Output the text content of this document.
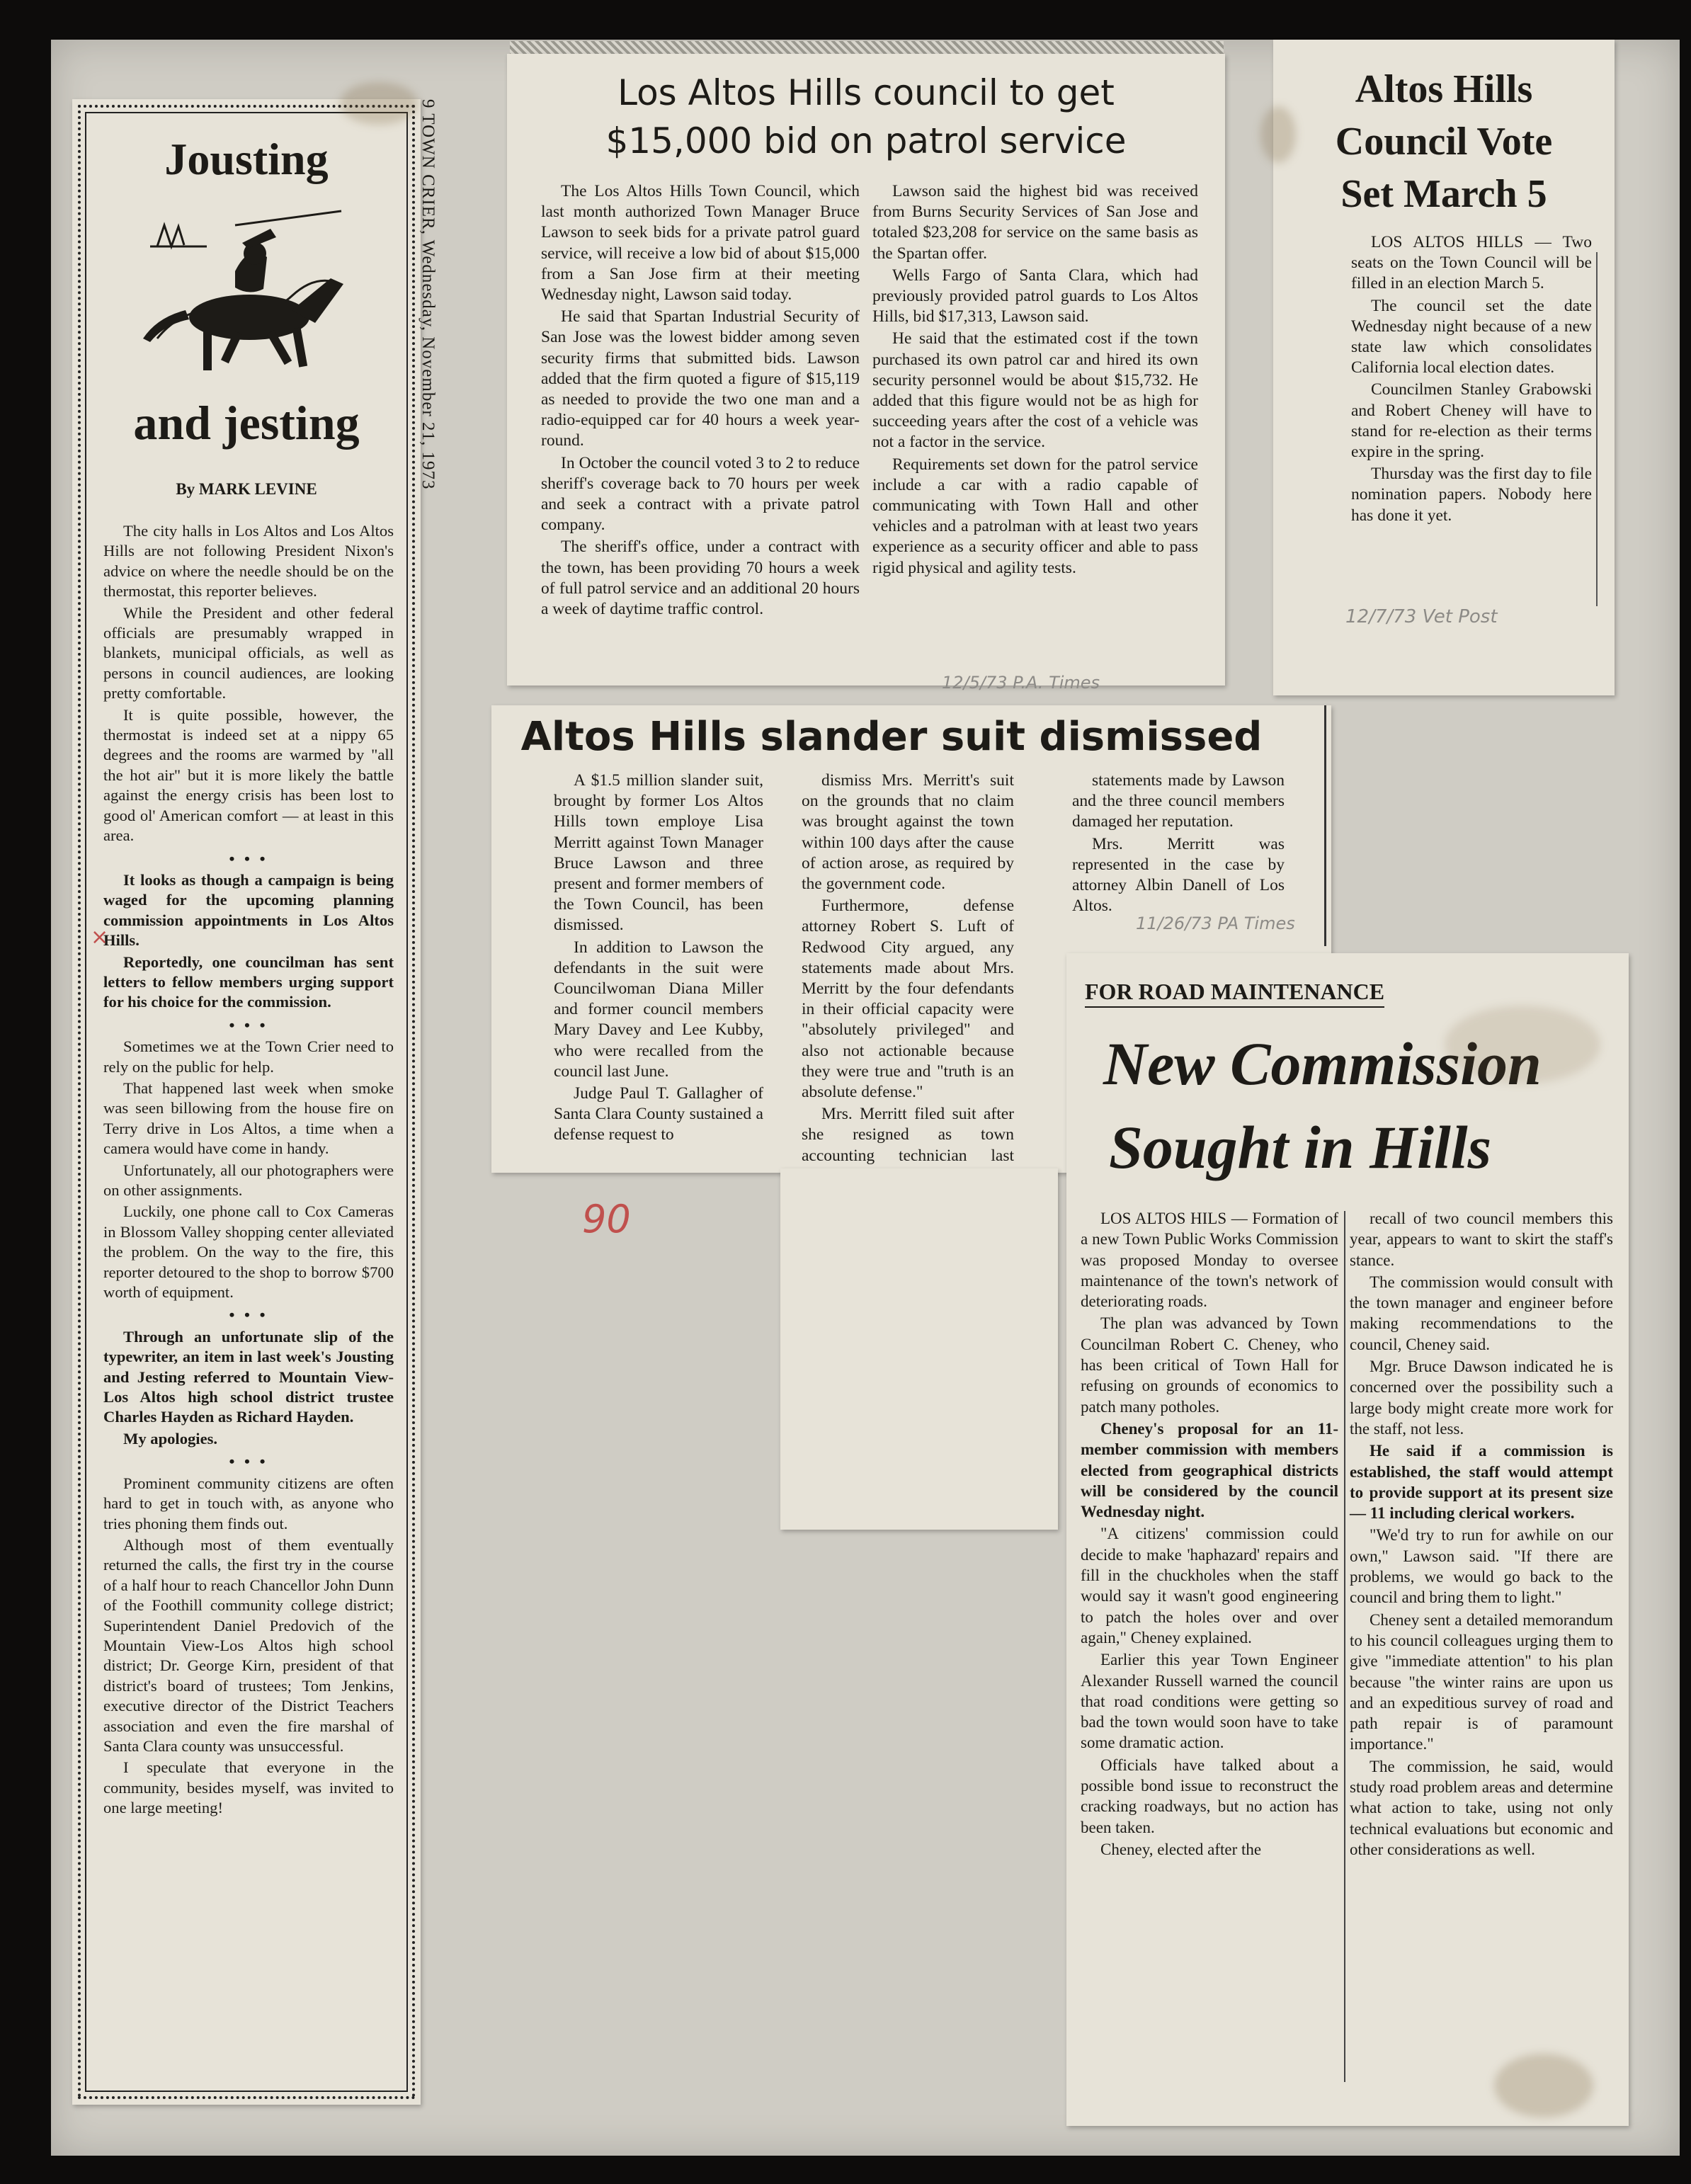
Jousting
and jesting
By MARK LEVINE

The city halls in Los Altos and Los Altos Hills are not following President Nixon's advice on where the needle should be on the thermostat, this reporter believes.

While the President and other federal officials are presumably wrapped in blankets, municipal officials, as well as persons in council audiences, are looking pretty comfortable.

It is quite possible, however, the thermostat is indeed set at a nippy 65 degrees and the rooms are warmed by "all the hot air" but it is more likely the battle against the energy crisis has been lost to good ol' American comfort — at least in this area.

• • •

It looks as though a campaign is being waged for the upcoming planning commission appointments in Los Altos Hills.

Reportedly, one councilman has sent letters to fellow members urging support for his choice for the commission.

• • •

Sometimes we at the Town Crier need to rely on the public for help.

That happened last week when smoke was seen billowing from the house fire on Terry drive in Los Altos, a time when a camera would have come in handy.

Unfortunately, all our photographers were on other assignments.

Luckily, one phone call to Cox Cameras in Blossom Valley shopping center alleviated the problem. On the way to the fire, this reporter detoured to the shop to borrow $700 worth of equipment.

• • •

Through an unfortunate slip of the typewriter, an item in last week's Jousting and Jesting referred to Mountain View-Los Altos high school district trustee Charles Hayden as Richard Hayden.

My apologies.

• • •

Prominent community citizens are often hard to get in touch with, as anyone who tries phoning them finds out.

Although most of them eventually returned the calls, the first try in the course of a half hour to reach Chancellor John Dunn of the Foothill community college district; Superintendent Daniel Predovich of the Mountain View-Los Altos high school district; Dr. George Kirn, president of that district's board of trustees; Tom Jenkins, executive director of the District Teachers association and even the fire marshal of Santa Clara county was unsuccessful.

I speculate that everyone in the community, besides myself, was invited to one large meeting!

9 TOWN CRIER, Wednesday, November 21, 1973
Los Altos Hills council to get
$15,000 bid on patrol service

The Los Altos Hills Town Council, which last month authorized Town Manager Bruce Lawson to seek bids for a private patrol guard service, will receive a low bid of about $15,000 from a San Jose firm at their meeting Wednesday night, Lawson said today.

He said that Spartan Industrial Security of San Jose was the lowest bidder among seven security firms that submitted bids. Lawson added that the firm quoted a figure of $15,119 as needed to provide the two one man and a radio-equipped car for 40 hours a week year-round.

In October the council voted 3 to 2 to reduce sheriff's coverage back to 70 hours per week and seek a contract with a private patrol company.

The sheriff's office, under a contract with the town, has been providing 70 hours a week of full patrol service and an additional 20 hours a week of daytime traffic control.

Lawson said the highest bid was received from Burns Security Services of San Jose and totaled $23,208 for service on the same basis as the Spartan offer.

Wells Fargo of Santa Clara, which had previously provided patrol guards to Los Altos Hills, bid $17,313, Lawson said.

He said that the estimated cost if the town purchased its own patrol car and hired its own security personnel would be about $15,732. He added that this figure would not be as high for succeeding years after the cost of a vehicle was not a factor in the service.

Requirements set down for the patrol service include a car with a radio capable of communicating with Town Hall and other vehicles and a patrolman with at least two years experience as a security officer and able to pass rigid physical and agility tests.

12/5/73 P.A. Times
Altos Hills
Council Vote
Set March 5

LOS ALTOS HILLS — Two seats on the Town Council will be filled in an election March 5.

The council set the date Wednesday night because of a new state law which consolidates California local election dates.

Councilmen Stanley Grabowski and Robert Cheney will have to stand for re-election as their terms expire in the spring.

Thursday was the first day to file nomination papers. Nobody here has done it yet.

12/7/73 Vet Post
Altos Hills slander suit dismissed

A $1.5 million slander suit, brought by former Los Altos Hills town employe Lisa Merritt against Town Manager Bruce Lawson and three present and former members of the Town Council, has been dismissed.

In addition to Lawson the defendants in the suit were Councilwoman Diana Miller and former council members Mary Davey and Lee Kubby, who were recalled from the council last June.

Judge Paul T. Gallagher of Santa Clara County sustained a defense request to

dismiss Mrs. Merritt's suit on the grounds that no claim was brought against the town within 100 days after the cause of action arose, as required by the government code.

Furthermore, defense attorney Robert S. Luft of Redwood City argued, any statements made about Mrs. Merritt by the four defendants in their official capacity were "absolutely privileged" and also not actionable because they were true and "truth is an absolute defense."

Mrs. Merritt filed suit after she resigned as town accounting technician last

statements made by Lawson and the three council members damaged her reputation.

Mrs. Merritt was represented in the case by attorney Albin Danell of Los Altos.

11/26/73 PA Times
90
×
FOR ROAD MAINTENANCE
New Commission
Sought in Hills

LOS ALTOS HILS — Formation of a new Town Public Works Commission was proposed Monday to oversee maintenance of the town's network of deteriorating roads.

The plan was advanced by Town Councilman Robert C. Cheney, who has been critical of Town Hall for refusing on grounds of economics to patch many potholes.

Cheney's proposal for an 11-member commission with members elected from geographical districts will be considered by the council Wednesday night.

"A citizens' commission could decide to make 'haphazard' repairs and fill in the chuckholes when the staff would say it wasn't good engineering to patch the holes over and over again," Cheney explained.

Earlier this year Town Engineer Alexander Russell warned the council that road conditions were getting so bad the town would soon have to take some dramatic action.

Officials have talked about a possible bond issue to reconstruct the cracking roadways, but no action has been taken.

Cheney, elected after the

recall of two council members this year, appears to want to skirt the staff's stance.

The commission would consult with the town manager and engineer before making recommendations to the council, Cheney said.

Mgr. Bruce Dawson indicated he is concerned over the possibility such a large body might create more work for the staff, not less.

He said if a commission is established, the staff would attempt to provide support at its present size — 11 including clerical workers.

"We'd try to run for awhile on our own," Lawson said. "If there are problems, we would go back to the council and bring them to light."

Cheney sent a detailed memorandum to his council colleagues urging them to give "immediate attention" to his plan because "the winter rains are upon us and an expeditious survey of road and path repair is of paramount importance."

The commission, he said, would study road problem areas and determine what action to take, using not only technical evaluations but economic and other considerations as well.
